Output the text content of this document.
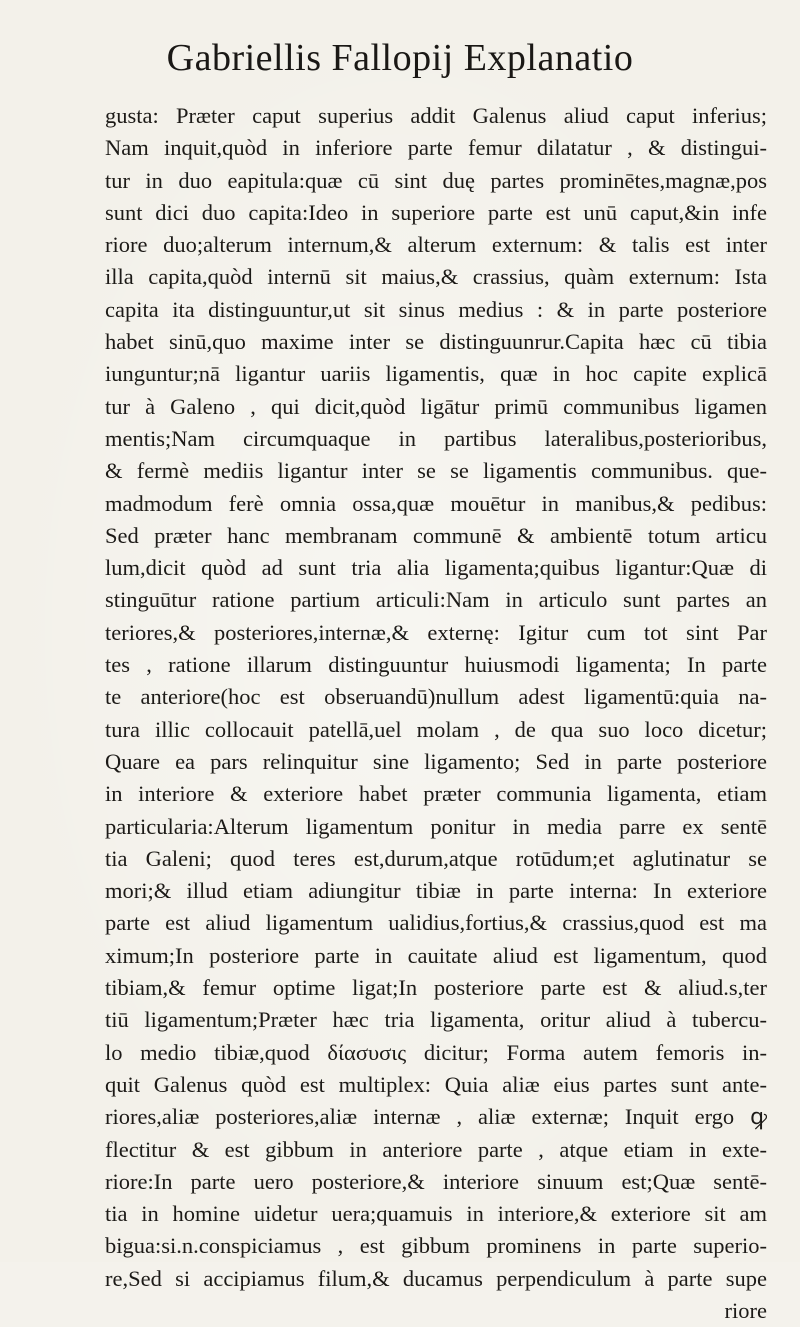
Gabriellis Fallopij Explanatio
gusta: Præter caput superius addit Galenus aliud caput inferius;
Nam inquit,quòd in inferiore parte femur dilatatur , & distingui-
tur in duo eapitula:quæ cū sint duę partes prominētes,magnæ,pos
sunt dici duo capita:Ideo in superiore parte est unū caput,&in infe
riore duo;alterum internum,& alterum externum: & talis est inter
illa capita,quòd internū sit maius,& crassius, quàm externum: Ista
capita ita distinguuntur,ut sit sinus medius : & in parte posteriore
habet sinū,quo maxime inter se distinguunrur.Capita hæc cū tibia
iunguntur;nā ligantur uariis ligamentis, quæ in hoc capite explicā
tur à Galeno , qui dicit,quòd ligātur primū communibus ligamen
mentis;Nam circumquaque in partibus lateralibus,posterioribus,
& fermè mediis ligantur inter se se ligamentis communibus. que-
madmodum ferè omnia ossa,quæ mouētur in manibus,& pedibus:
Sed præter hanc membranam communē & ambientē totum articu
lum,dicit quòd ad sunt tria alia ligamenta;quibus ligantur:Quæ di
stinguūtur ratione partium articuli:Nam in articulo sunt partes an
teriores,& posteriores,internæ,& externę: Igitur cum tot sint Par
tes , ratione illarum distinguuntur huiusmodi ligamenta; In parte
te anteriore(hoc est obseruandū)nullum adest ligamentū:quia na-
tura illic collocauit patellā,uel molam , de qua suo loco dicetur;
Quare ea pars relinquitur sine ligamento; Sed in parte posteriore
in interiore & exteriore habet præter communia ligamenta, etiam
particularia:Alterum ligamentum ponitur in media parre ex sentē
tia Galeni; quod teres est,durum,atque rotūdum;et aglutinatur se
mori;& illud etiam adiungitur tibiæ in parte interna: In exteriore
parte est aliud ligamentum ualidius,fortius,& crassius,quod est ma
ximum;In posteriore parte in cauitate aliud est ligamentum, quod
tibiam,& femur optime ligat;In posteriore parte est & aliud.s,ter
tiū ligamentum;Præter hæc tria ligamenta, oritur aliud à tubercu-
lo medio tibiæ,quod δίασυσις dicitur; Forma autem femoris in-
quit Galenus quòd est multiplex: Quia aliæ eius partes sunt ante-
riores,aliæ posteriores,aliæ internæ , aliæ externæ; Inquit ergo ꝙ
flectitur & est gibbum in anteriore parte , atque etiam in exte-
riore:In parte uero posteriore,& interiore sinuum est;Quæ sentē-
tia in homine uidetur uera;quamuis in interiore,& exteriore sit am
bigua:si.n.conspiciamus , est gibbum prominens in parte superio-
re,Sed si accipiamus filum,& ducamus perpendiculum à parte supe
riore
